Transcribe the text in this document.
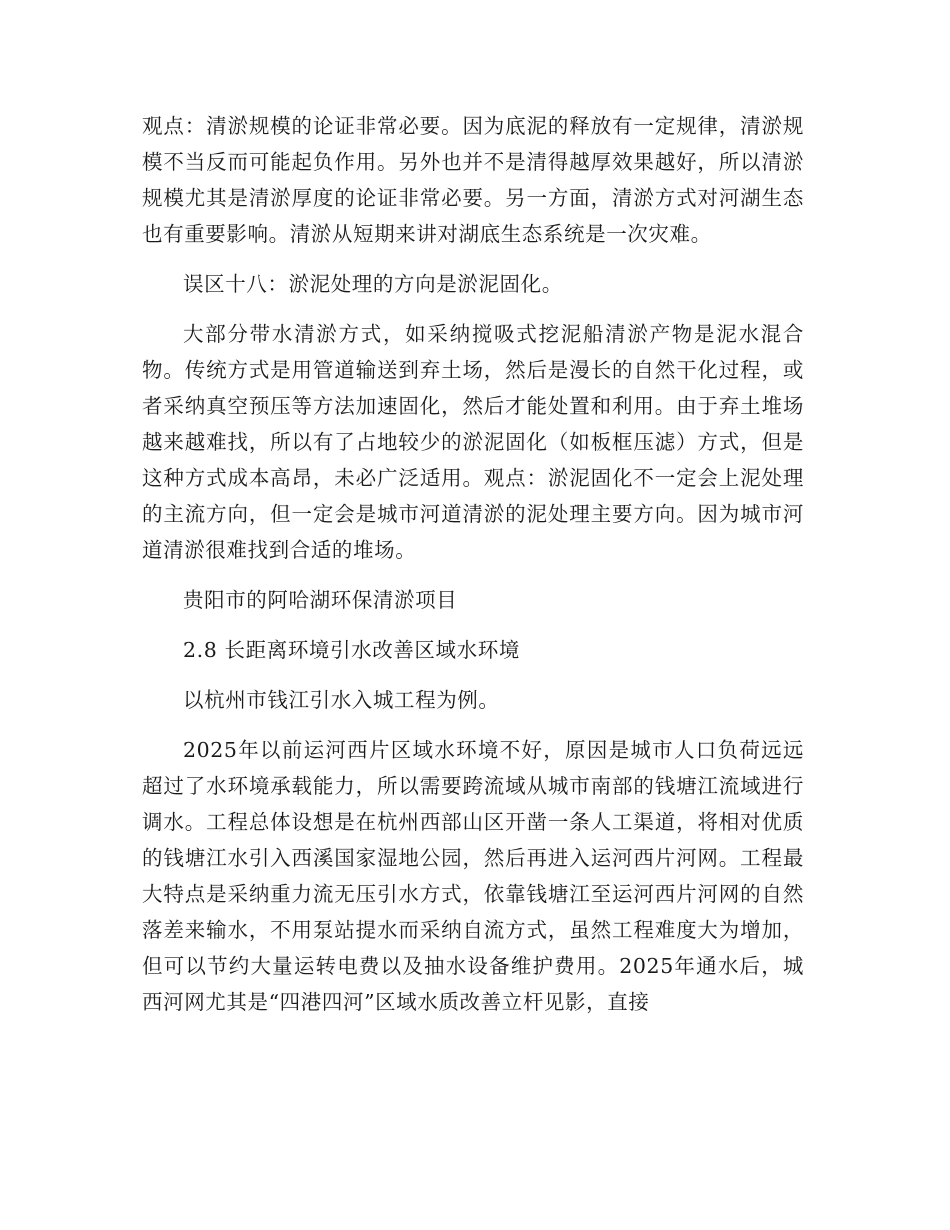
观点：清淤规模的论证非常必要。因为底泥的释放有一定规律，清淤规模不当反而可能起负作用。另外也并不是清得越厚效果越好，所以清淤规模尤其是清淤厚度的论证非常必要。另一方面，清淤方式对河湖生态也有重要影响。清淤从短期来讲对湖底生态系统是一次灾难。

误区十八：淤泥处理的方向是淤泥固化。

大部分带水清淤方式，如采纳搅吸式挖泥船清淤产物是泥水混合物。传统方式是用管道输送到弃土场，然后是漫长的自然干化过程，或者采纳真空预压等方法加速固化，然后才能处置和利用。由于弃土堆场越来越难找，所以有了占地较少的淤泥固化（如板框压滤）方式，但是这种方式成本高昂，未必广泛适用。观点：淤泥固化不一定会上泥处理的主流方向，但一定会是城市河道清淤的泥处理主要方向。因为城市河道清淤很难找到合适的堆场。

贵阳市的阿哈湖环保清淤项目

2.8 长距离环境引水改善区域水环境

以杭州市钱江引水入城工程为例。

2025年以前运河西片区域水环境不好，原因是城市人口负荷远远超过了水环境承载能力，所以需要跨流域从城市南部的钱塘江流域进行调水。工程总体设想是在杭州西部山区开凿一条人工渠道，将相对优质的钱塘江水引入西溪国家湿地公园，然后再进入运河西片河网。工程最大特点是采纳重力流无压引水方式，依靠钱塘江至运河西片河网的自然落差来输水，不用泵站提水而采纳自流方式，虽然工程难度大为增加，但可以节约大量运转电费以及抽水设备维护费用。2025年通水后，城西河网尤其是“四港四河”区域水质改善立杆见影，直接
